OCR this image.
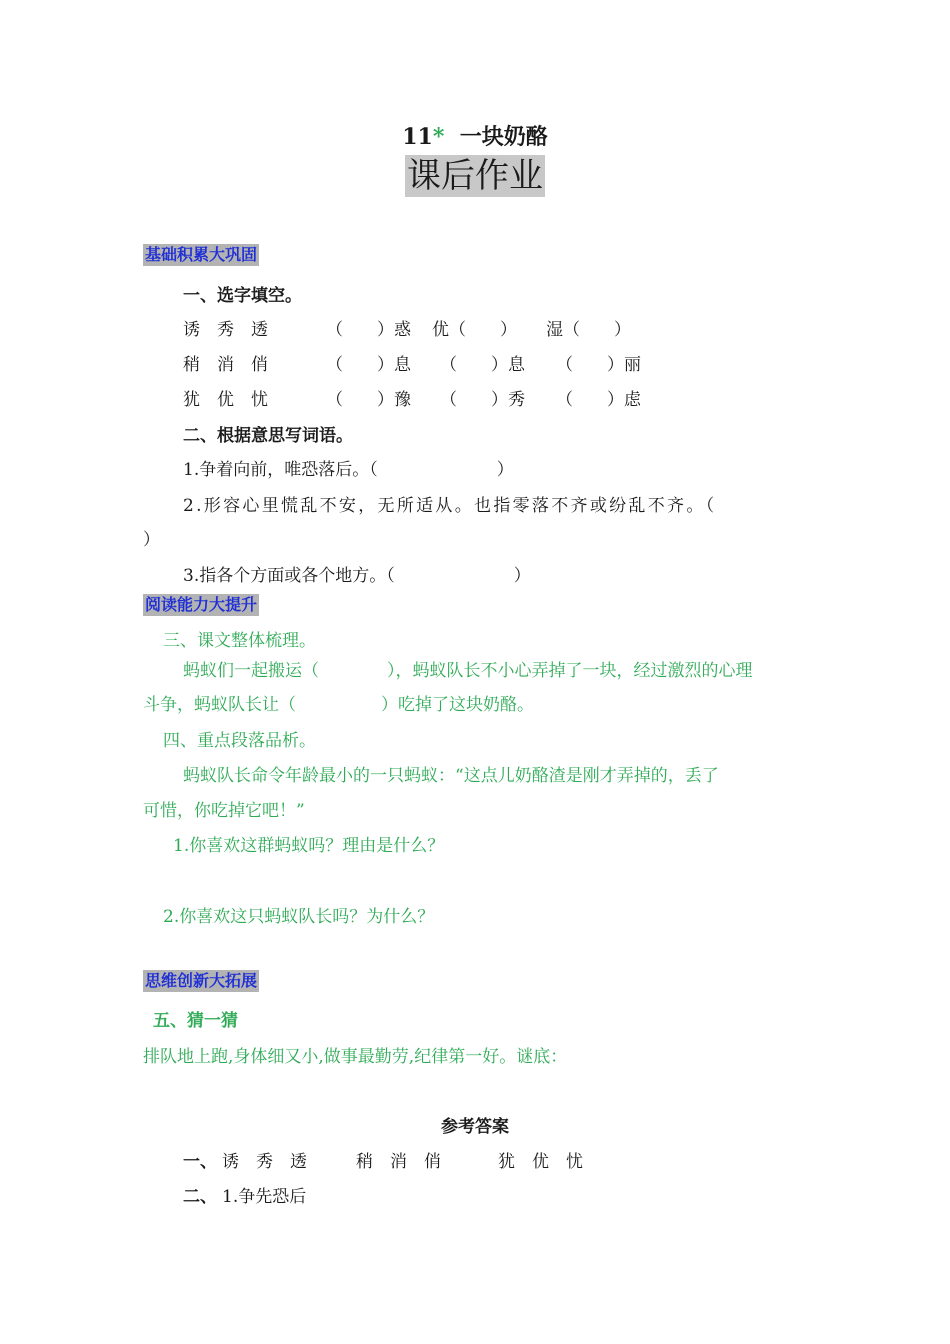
11* 一块奶酪
课后作业
基础积累大巩固
一、选字填空。
诱　秀　透	（　　）惑 优（　　） 湿（　　）
稍　消　俏	（　　）息 （　　）息 （　　）丽
犹　优　忧	（　　）豫 （　　）秀 （　　）虑
二、根据意思写词语。
1.争着向前，唯恐落后。（　　　　　　　）
2.形容心里慌乱不安，无所适从。也指零落不齐或纷乱不齐。（
）
3.指各个方面或各个地方。（　　　　　　　）
阅读能力大提升
三、课文整体梳理。
蚂蚁们一起搬运（　　　　），蚂蚁队长不小心弄掉了一块，经过激烈的心理
斗争，蚂蚁队长让（　　　　　）吃掉了这块奶酪。
四、重点段落品析。
蚂蚁队长命令年龄最小的一只蚂蚁：“这点儿奶酪渣是刚才弄掉的，丢了
可惜，你吃掉它吧！”
1.你喜欢这群蚂蚁吗？理由是什么？
2.你喜欢这只蚂蚁队长吗？为什么？
思维创新大拓展
五、猜一猜
排队地上跑,身体细又小,做事最勤劳,纪律第一好。谜底：
参考答案
一、 诱　秀　透	稍　消　俏	犹　优　忧
二、 1.争先恐后
